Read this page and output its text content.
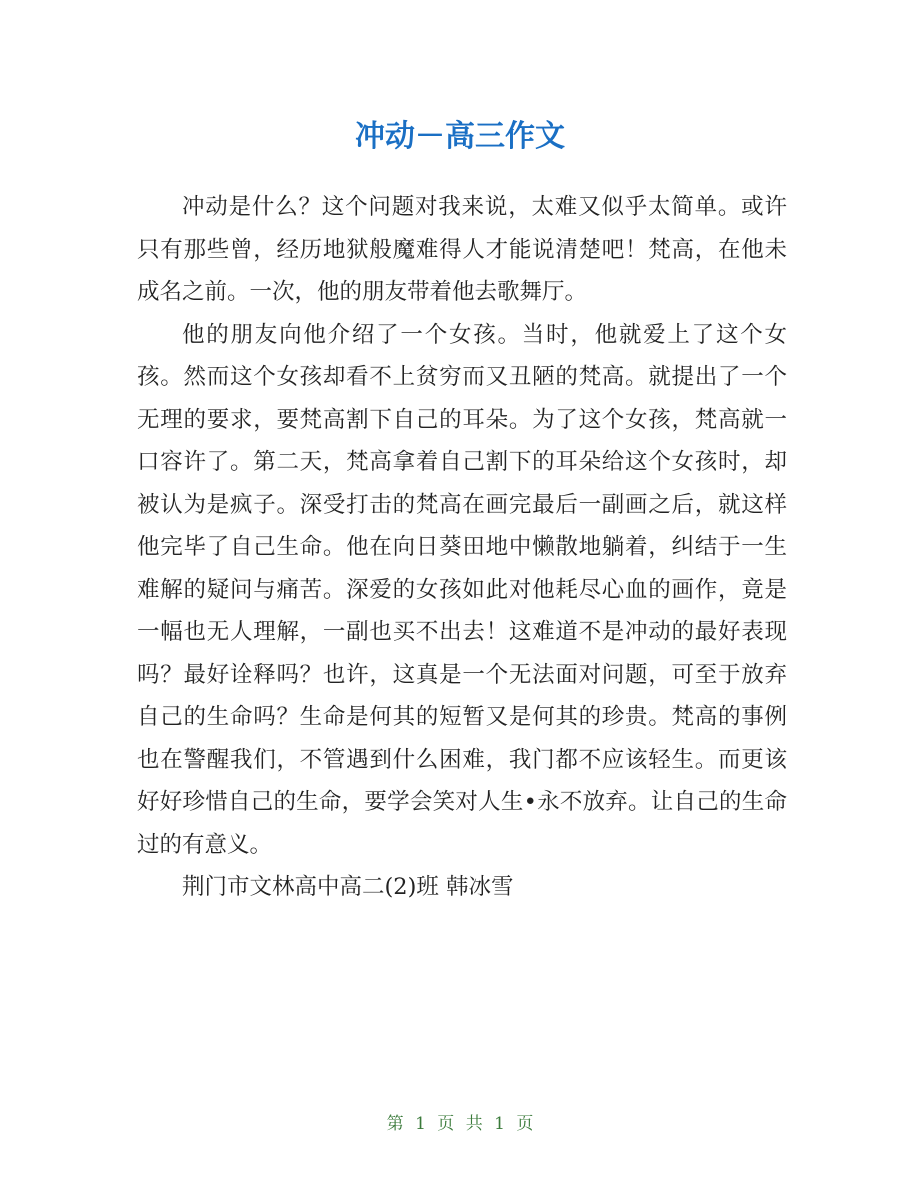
冲动－高三作文

冲动是什么？这个问题对我来说，太难又似乎太简单。或许只有那些曾，经历地狱般魔难得人才能说清楚吧！梵高，在他未成名之前。一次，他的朋友带着他去歌舞厅。

他的朋友向他介绍了一个女孩。当时，他就爱上了这个女孩。然而这个女孩却看不上贫穷而又丑陋的梵高。就提出了一个无理的要求，要梵高割下自己的耳朵。为了这个女孩，梵高就一口容许了。第二天，梵高拿着自己割下的耳朵给这个女孩时，却被认为是疯子。深受打击的梵高在画完最后一副画之后，就这样他完毕了自己生命。他在向日葵田地中懒散地躺着，纠结于一生难解的疑问与痛苦。深爱的女孩如此对他耗尽心血的画作，竟是一幅也无人理解，一副也买不出去！这难道不是冲动的最好表现吗？最好诠释吗？也许，这真是一个无法面对问题，可至于放弃自己的生命吗？生命是何其的短暂又是何其的珍贵。梵高的事例也在警醒我们，不管遇到什么困难，我门都不应该轻生。而更该好好珍惜自己的生命，要学会笑对人生•永不放弃。让自己的生命过的有意义。

荆门市文林高中高二(2)班 韩冰雪

第 1 页 共 1 页
